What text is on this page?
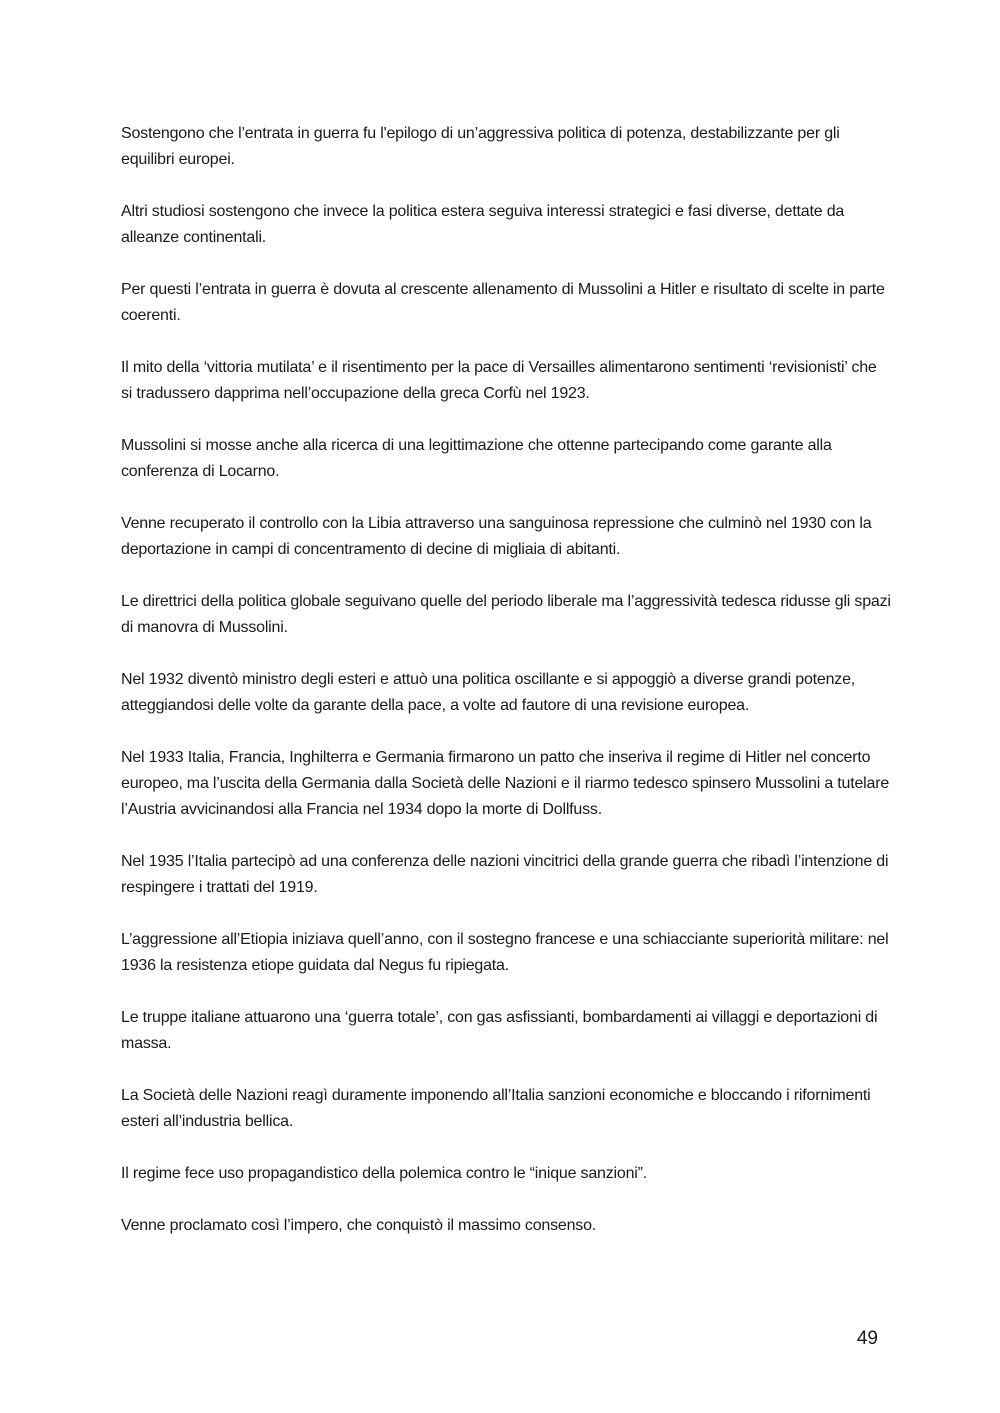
Sostengono che l’entrata in guerra fu l'epilogo di un’aggressiva politica di potenza, destabilizzante per gli equilibri europei.

Altri studiosi sostengono che invece la politica estera seguiva interessi strategici e fasi diverse, dettate da alleanze continentali.

Per questi l’entrata in guerra è dovuta al crescente allenamento di Mussolini a Hitler e risultato di scelte in parte coerenti.

Il mito della ‘vittoria mutilata’ e il risentimento per la pace di Versailles alimentarono sentimenti ‘revisionisti’ che si tradussero dapprima nell’occupazione della greca Corfù nel 1923.

Mussolini si mosse anche alla ricerca di una legittimazione che ottenne partecipando come garante alla conferenza di Locarno.

Venne recuperato il controllo con la Libia attraverso una sanguinosa repressione che culminò nel 1930 con la deportazione in campi di concentramento di decine di migliaia di abitanti.

Le direttrici della politica globale seguivano quelle del periodo liberale ma l’aggressività tedesca ridusse gli spazi di manovra di Mussolini.

Nel 1932 diventò ministro degli esteri e attuò una politica oscillante e si appoggiò a diverse grandi potenze, atteggiandosi delle volte da garante della pace, a volte ad fautore di una revisione europea.

Nel 1933 Italia, Francia, Inghilterra e Germania firmarono un patto che inseriva il regime di Hitler nel concerto europeo, ma l’uscita della Germania dalla Società delle Nazioni e il riarmo tedesco spinsero Mussolini a tutelare l’Austria avvicinandosi alla Francia nel 1934 dopo la morte di Dollfuss.

Nel 1935 l’Italia partecipò ad una conferenza delle nazioni vincitrici della grande guerra che ribadì l’intenzione di respingere i trattati del 1919.

L’aggressione all’Etiopia iniziava quell’anno, con il sostegno francese e una schiacciante superiorità militare: nel 1936 la resistenza etiope guidata dal Negus fu ripiegata.

Le truppe italiane attuarono una ‘guerra totale’, con gas asfissianti, bombardamenti ai villaggi e deportazioni di massa.

La Società delle Nazioni reagì duramente imponendo all’Italia sanzioni economiche e bloccando i rifornimenti esteri all’industria bellica.

Il regime fece uso propagandistico della polemica contro le “inique sanzioni”.

Venne proclamato così l’impero, che conquistò il massimo consenso.

49
